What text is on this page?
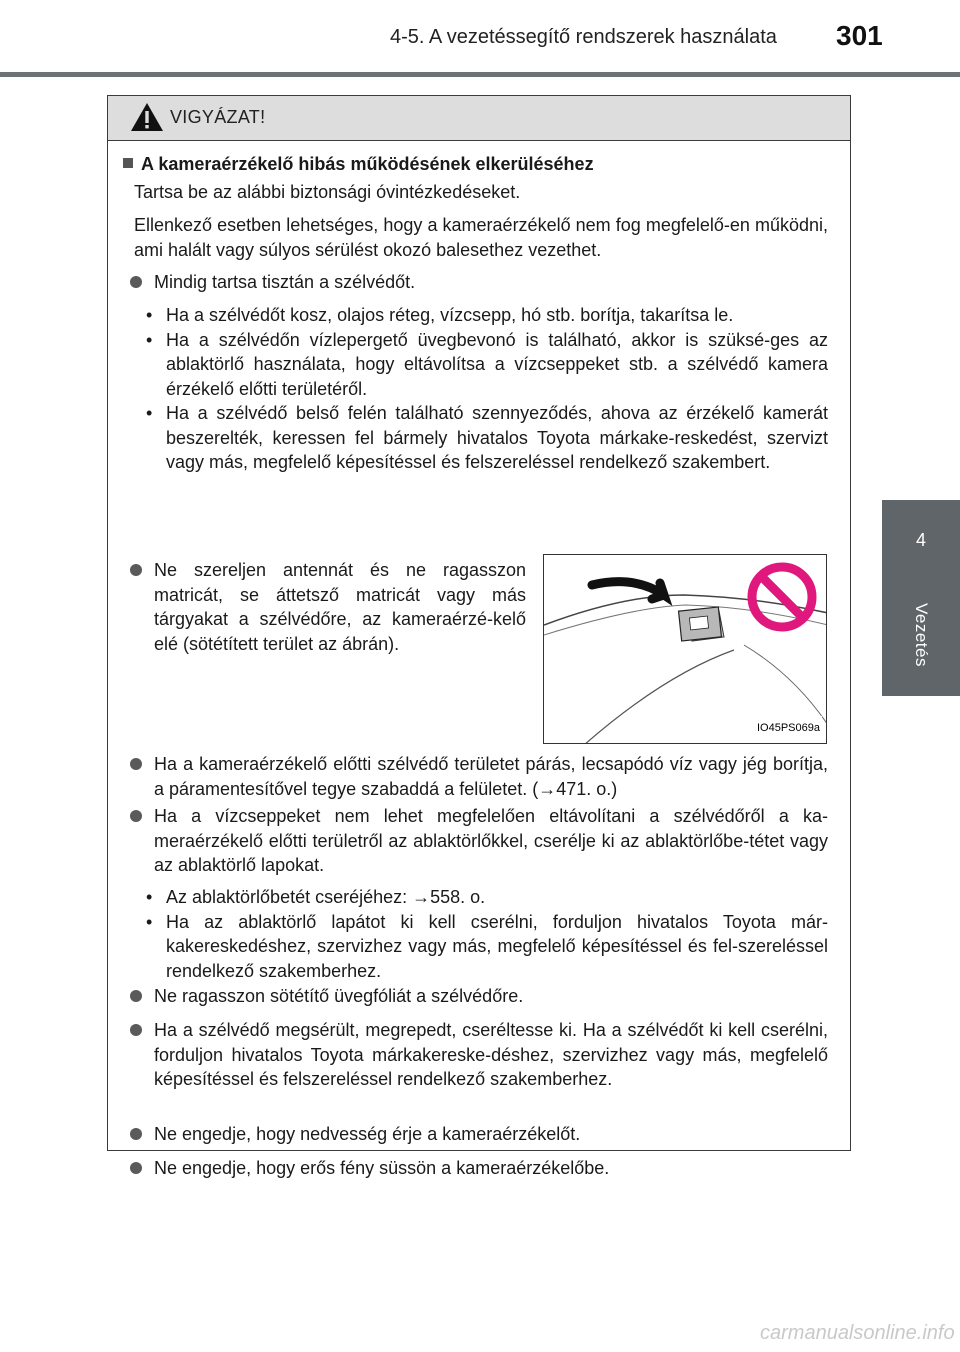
4-5. A vezetéssegítő rendszerek használata 301
4
Vezetés
VIGYÁZAT!
A kameraérzékelő hibás működésének elkerüléséhez
Tartsa be az alábbi biztonsági óvintézkedéseket.
Ellenkező esetben lehetséges, hogy a kameraérzékelő nem fog megfelelő-en működni, ami halált vagy súlyos sérülést okozó balesethez vezethet.
Mindig tartsa tisztán a szélvédőt.
• Ha a szélvédőt kosz, olajos réteg, vízcsepp, hó stb. borítja, takarítsa le.
• Ha a szélvédőn vízlepergető üvegbevonó is található, akkor is szüksé-ges az ablaktörlő használata, hogy eltávolítsa a vízcseppeket stb. a szélvédő kamera érzékelő előtti területéről.
• Ha a szélvédő belső felén található szennyeződés, ahova az érzékelő kamerát beszerelték, keressen fel bármely hivatalos Toyota márkake-reskedést, szervizt vagy más, megfelelő képesítéssel és felszereléssel rendelkező szakembert.
Ne szereljen antennát és ne ragasszon matricát, se áttetsző matricát vagy más tárgyakat a szélvédőre, az kameraérzé-kelő elé (sötétített terület az ábrán).
IO45PS069a
Ha a kameraérzékelő előtti szélvédő területet párás, lecsapódó víz vagy jég borítja, a páramentesítővel tegye szabaddá a felületet. (→471. o.)
Ha a vízcseppeket nem lehet megfelelően eltávolítani a szélvédőről a ka-meraérzékelő előtti területről az ablaktörlőkkel, cserélje ki az ablaktörlőbe-tétet vagy az ablaktörlő lapokat.
• Az ablaktörlőbetét cseréjéhez: →558. o.
• Ha az ablaktörlő lapátot ki kell cserélni, forduljon hivatalos Toyota már-kakereskedéshez, szervizhez vagy más, megfelelő képesítéssel és fel-szereléssel rendelkező szakemberhez.
Ne ragasszon sötétítő üvegfóliát a szélvédőre.
Ha a szélvédő megsérült, megrepedt, cseréltesse ki. Ha a szélvédőt ki kell cserélni, forduljon hivatalos Toyota márkakereske-déshez, szervizhez vagy más, megfelelő képesítéssel és felszereléssel rendelkező szakemberhez.
Ne engedje, hogy nedvesség érje a kameraérzékelőt.
Ne engedje, hogy erős fény süssön a kameraérzékelőbe.
carmanualsonline.info
